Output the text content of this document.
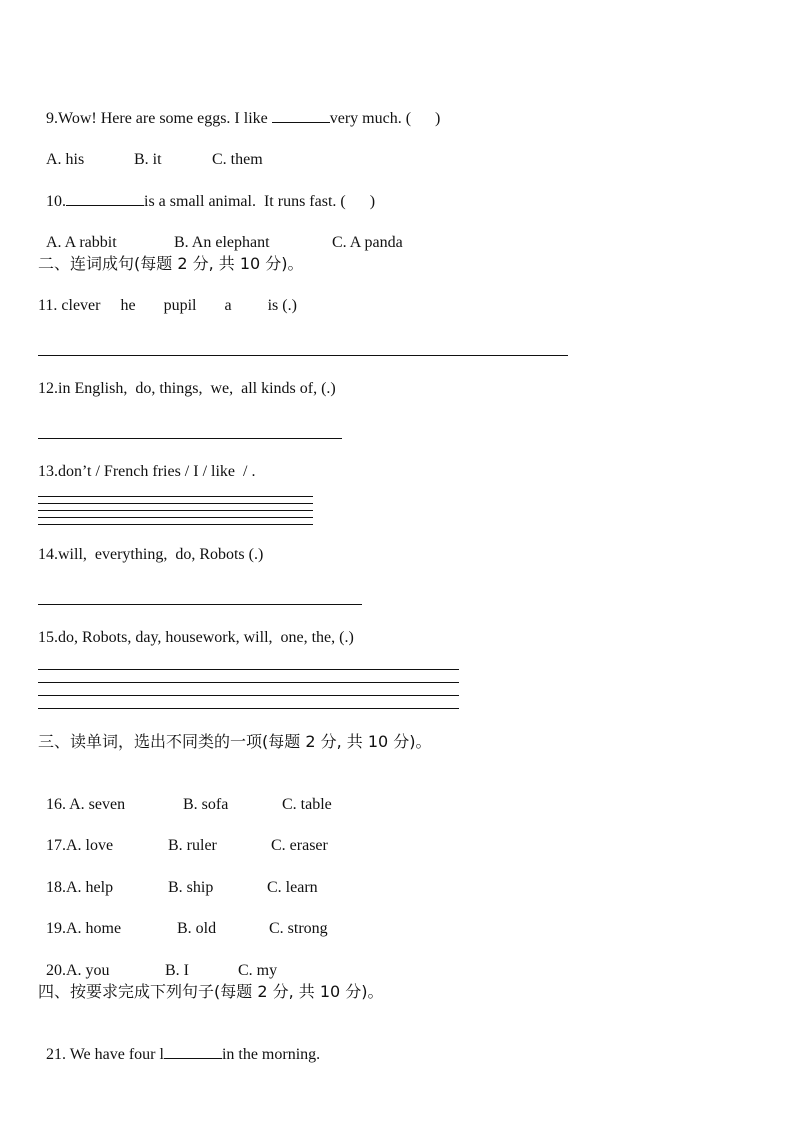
9.Wow! Here are some eggs. I like	very much. (      )

A. his	B. it	C. them

10.	is a small animal.  It runs fast. (      )

A. A rabbit	B. An elephant	C. A panda

二、连词成句(每题 2 分, 共 10 分)。
11. clever     he       pupil       a         is (.)
12.in English,  do, things,  we,  all kinds of, (.)
13.don’t / French fries / I / like  / .
14.will,  everything,  do, Robots (.)
15.do, Robots, day, housework, will,  one, the, (.)
三、读单词，选出不同类的一项(每题 2 分, 共 10 分)。

16. A. seven	B. sofa	C. table

17.A. love	B. ruler	C. eraser

18.A. help	B. ship	C. learn

19.A. home	B. old	C. strong

20.A. you	B. I	C. my

四、按要求完成下列句子(每题 2 分, 共 10 分)。

21. We have four l	in the morning.
